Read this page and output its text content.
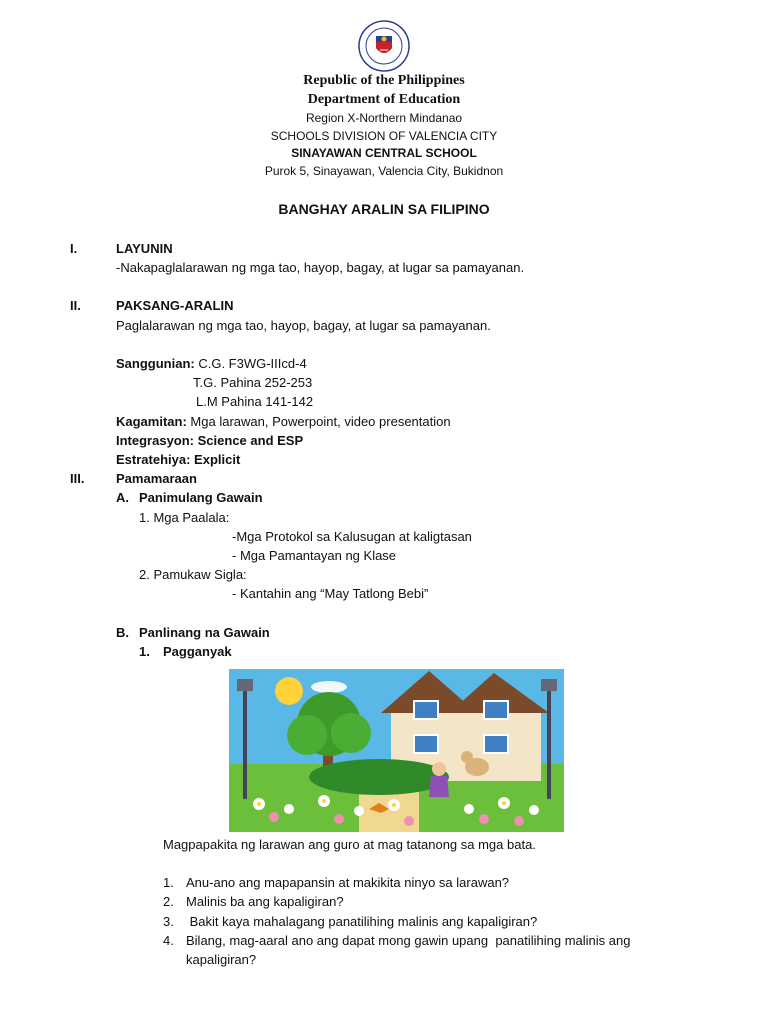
Republic of the Philippines
Department of Education
Region X-Northern Mindanao
SCHOOLS DIVISION OF VALENCIA CITY
SINAYAWAN CENTRAL SCHOOL
Purok 5, Sinayawan, Valencia City, Bukidnon
BANGHAY ARALIN SA FILIPINO
I.	LAYUNIN
-Nakapaglalarawan ng mga tao, hayop, bagay, at lugar sa pamayanan.
II.	PAKSANG-ARALIN
Paglalarawan ng mga tao, hayop, bagay, at lugar sa pamayanan.
Sanggunian: C.G. F3WG-IIIcd-4
T.G. Pahina 252-253
L.M Pahina 141-142
Kagamitan: Mga larawan, Powerpoint, video presentation
Integrasyon: Science and ESP
Estratehiya: Explicit
III. Pamamaraan
A. Panimulang Gawain
1. Mga Paalala:
-Mga Protokol sa Kalusugan at kaligtasan
- Mga Pamantayan ng Klase
2. Pamukaw Sigla:
- Kantahin ang “May Tatlong Bebi”
B. Panlinang na Gawain
1. Pagganyak
Magpapakita ng larawan ang guro at mag tatanong sa mga bata.
1. Anu-ano ang mapapansin at makikita ninyo sa larawan?
2. Malinis ba ang kapaligiran?
3. Bakit kaya mahalagang panatilihing malinis ang kapaligiran?
4. Bilang, mag-aaral ano ang dapat mong gawin upang  panatilihing malinis ang
kapaligiran?
